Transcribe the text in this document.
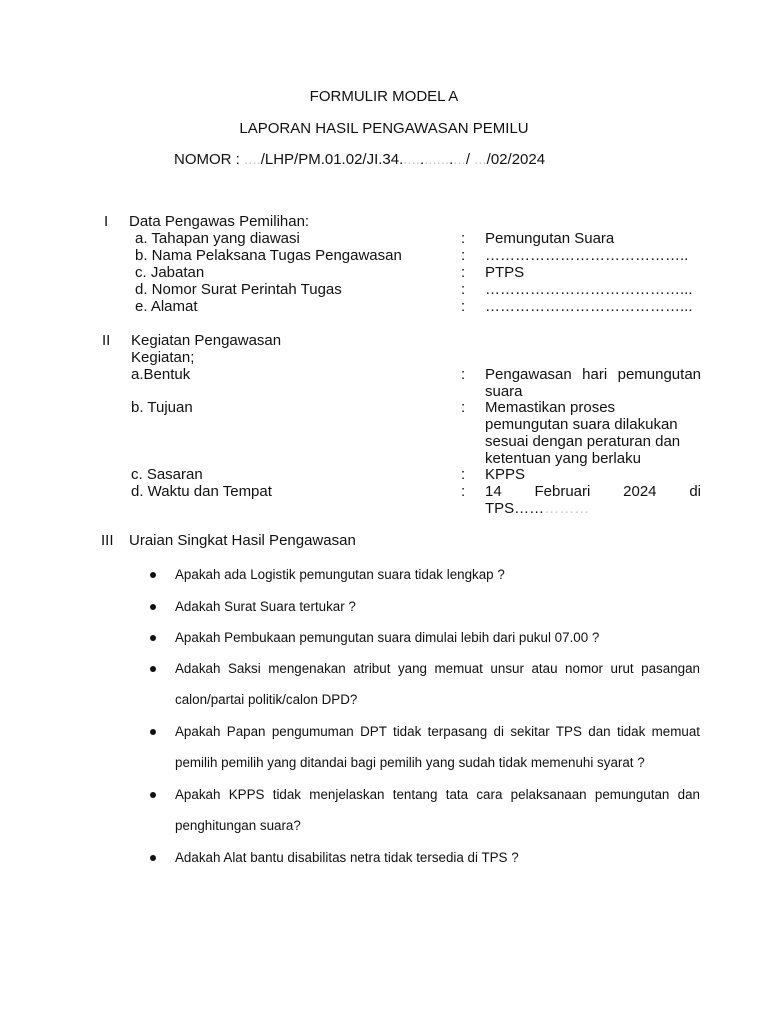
FORMULIR MODEL A
LAPORAN HASIL PENGAWASAN PEMILU
NOMOR : ..../LHP/PM.01.02/JI.34................/ .../02/2024
I Data Pengawas Pemilihan:
a. Tahapan yang diawasi	: Pemungutan Suara
b. Nama Pelaksana Tugas Pengawasan	: …………………………………..
c. Jabatan	: PTPS
d. Nomor Surat Perintah Tugas	: …………………………………...
e. Alamat	: …………………………………...
II Kegiatan Pengawasan
Kegiatan;
a.Bentuk	: Pengawasan hari pemungutan
suara
b. Tujuan	: Memastikan proses
pemungutan suara dilakukan
sesuai dengan peraturan dan
ketentuan yang berlaku
c. Sasaran	: KPPS
d. Waktu dan Tempat	: 14 Februari 2024 di
TPS……………
III Uraian Singkat Hasil Pengawasan
Apakah ada Logistik pemungutan suara tidak lengkap ?
Adakah Surat Suara tertukar ?
Apakah Pembukaan pemungutan suara dimulai lebih dari pukul 07.00 ?
Adakah Saksi mengenakan atribut yang memuat unsur atau nomor urut pasangan
calon/partai politik/calon DPD?
Apakah Papan pengumuman DPT tidak terpasang di sekitar TPS dan tidak memuat
pemilih pemilih yang ditandai bagi pemilih yang sudah tidak memenuhi syarat ?
Apakah KPPS tidak menjelaskan tentang tata cara pelaksanaan pemungutan dan
penghitungan suara?
Adakah Alat bantu disabilitas netra tidak tersedia di TPS ?
